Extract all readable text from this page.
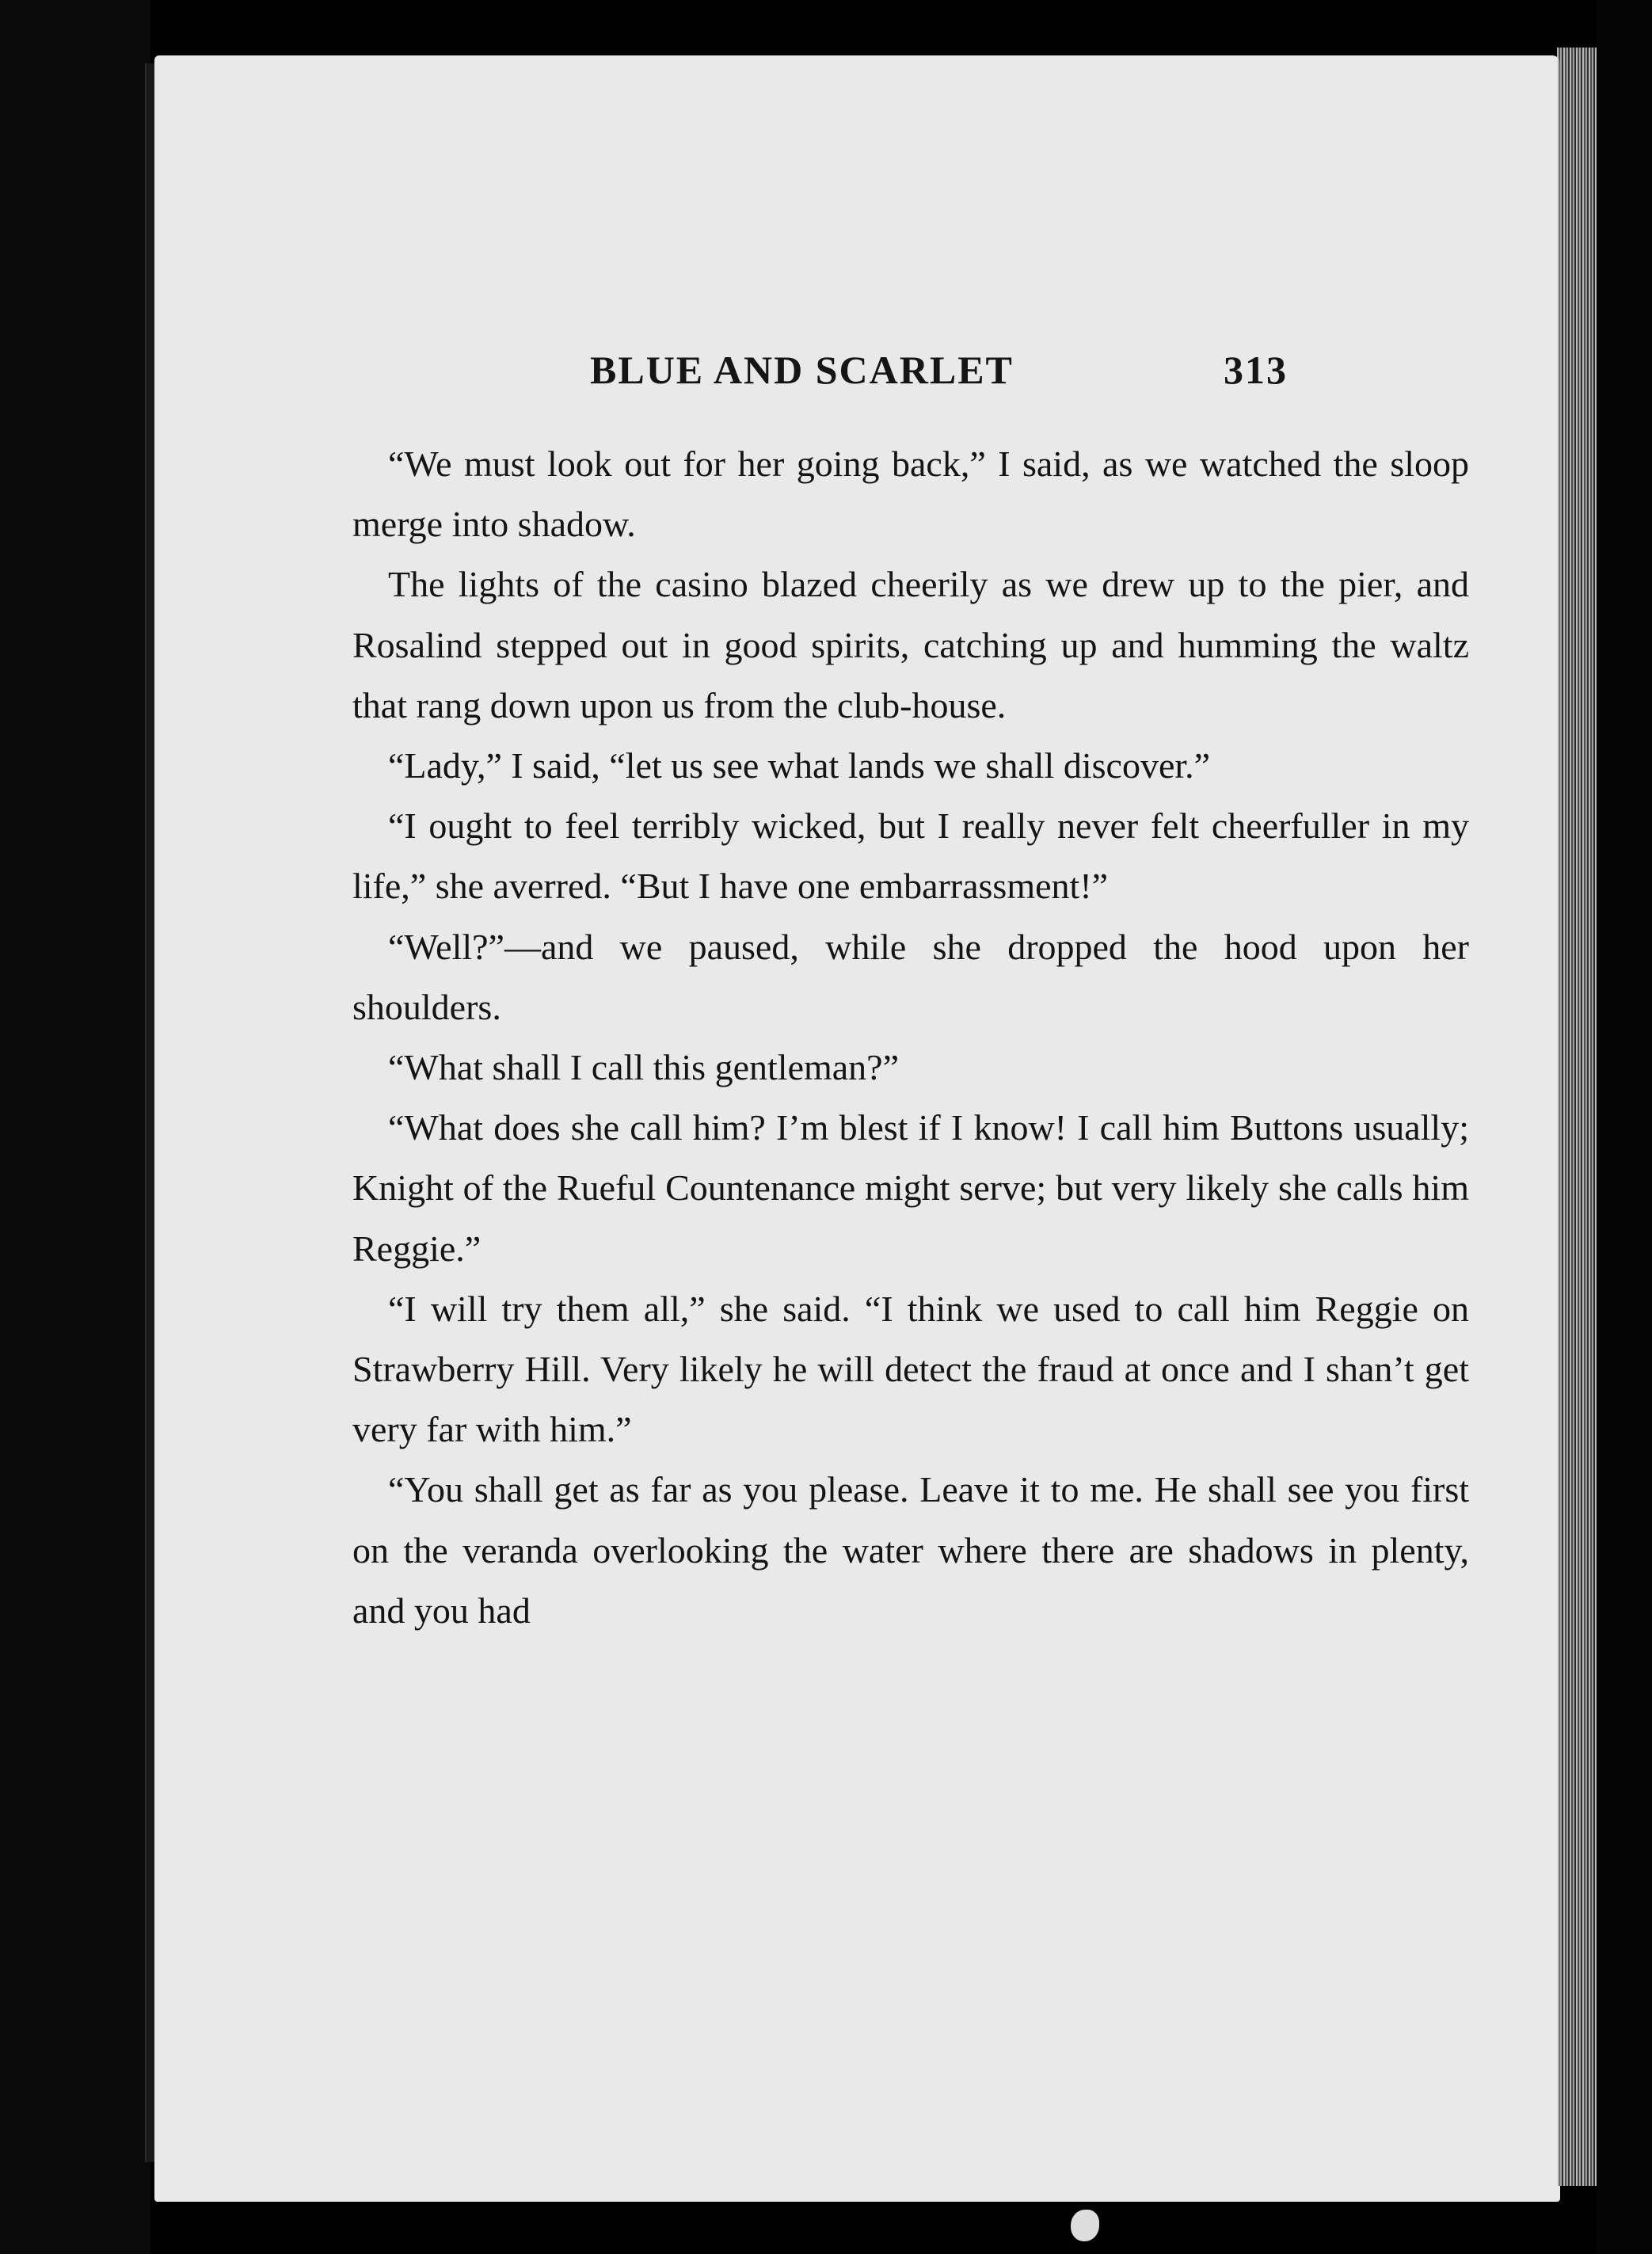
BLUE AND SCARLET	313

“We must look out for her going back,” I said, as we watched the sloop merge into shadow.

The lights of the casino blazed cheerily as we drew up to the pier, and Rosalind stepped out in good spirits, catching up and humming the waltz that rang down upon us from the club-house.

“Lady,” I said, “let us see what lands we shall discover.”

“I ought to feel terribly wicked, but I really never felt cheerfuller in my life,” she averred. “But I have one embarrassment!”

“Well?”—and we paused, while she dropped the hood upon her shoulders.

“What shall I call this gentleman?”

“What does she call him? I’m blest if I know! I call him Buttons usually; Knight of the Rueful Countenance might serve; but very likely she calls him Reggie.”

“I will try them all,” she said. “I think we used to call him Reggie on Strawberry Hill. Very likely he will detect the fraud at once and I shan’t get very far with him.”

“You shall get as far as you please. Leave it to me. He shall see you first on the veranda overlooking the water where there are shadows in plenty, and you had
